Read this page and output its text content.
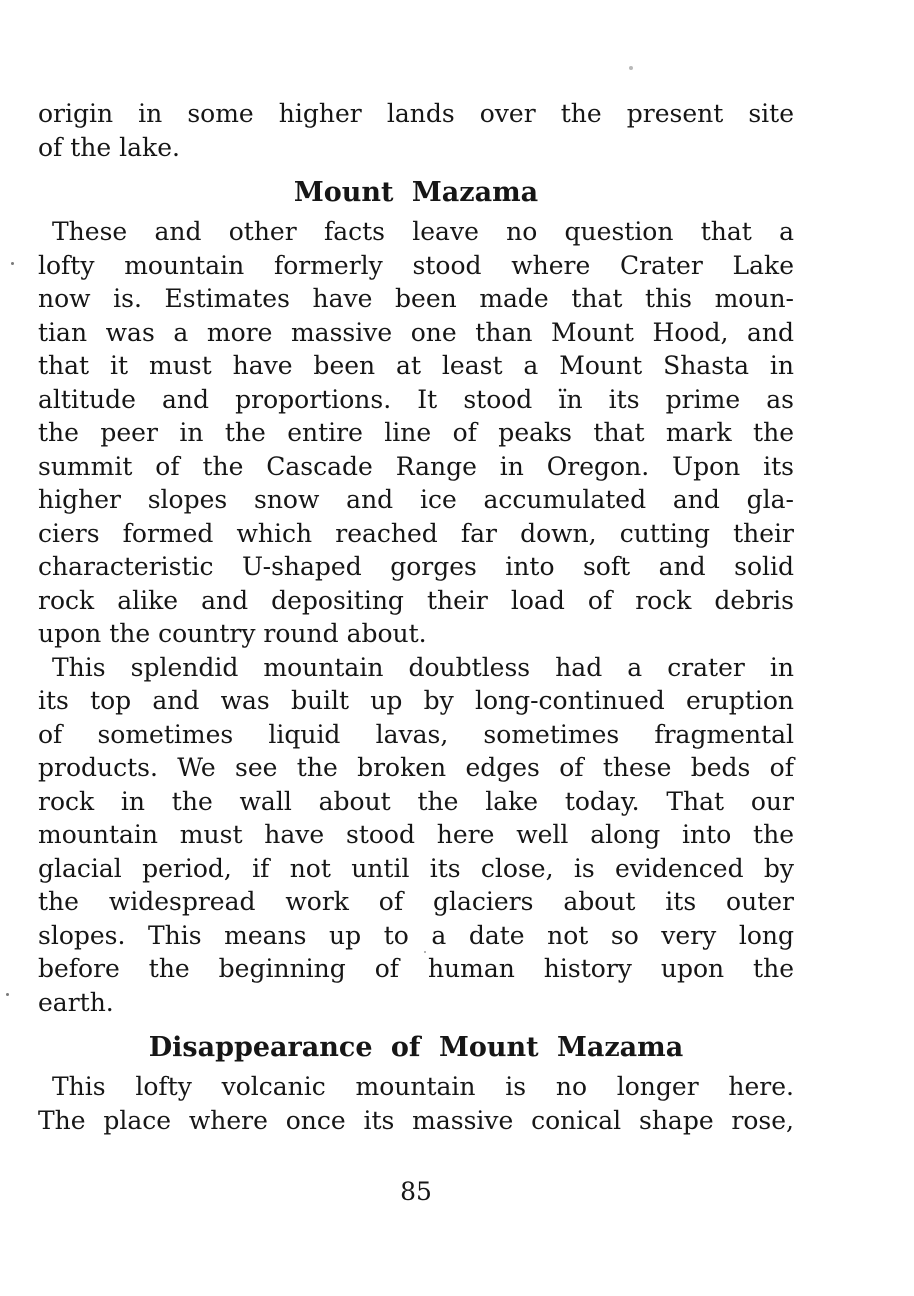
origin in some higher lands over the present site
of the lake.
Mount Mazama
These and other facts leave no question that a
lofty mountain formerly stood where Crater Lake
now is. Estimates have been made that this moun-
tian was a more massive one than Mount Hood, and
that it must have been at least a Mount Shasta in
altitude and proportions. It stood ïn its prime as
the peer in the entire line of peaks that mark the
summit of the Cascade Range in Oregon. Upon its
higher slopes snow and ice accumulated and gla-
ciers formed which reached far down, cutting their
characteristic U-shaped gorges into soft and solid
rock alike and depositing their load of rock debris
upon the country round about.
This splendid mountain doubtless had a crater in
its top and was built up by long-continued eruption
of sometimes liquid lavas, sometimes fragmental
products. We see the broken edges of these beds of
rock in the wall about the lake today. That our
mountain must have stood here well along into the
glacial period, if not until its close, is evidenced by
the widespread work of glaciers about its outer
slopes. This means up to a date not so very long
before the beginning of human history upon the
earth.
Disappearance of Mount Mazama
This lofty volcanic mountain is no longer here.
The place where once its massive conical shape rose,
85
